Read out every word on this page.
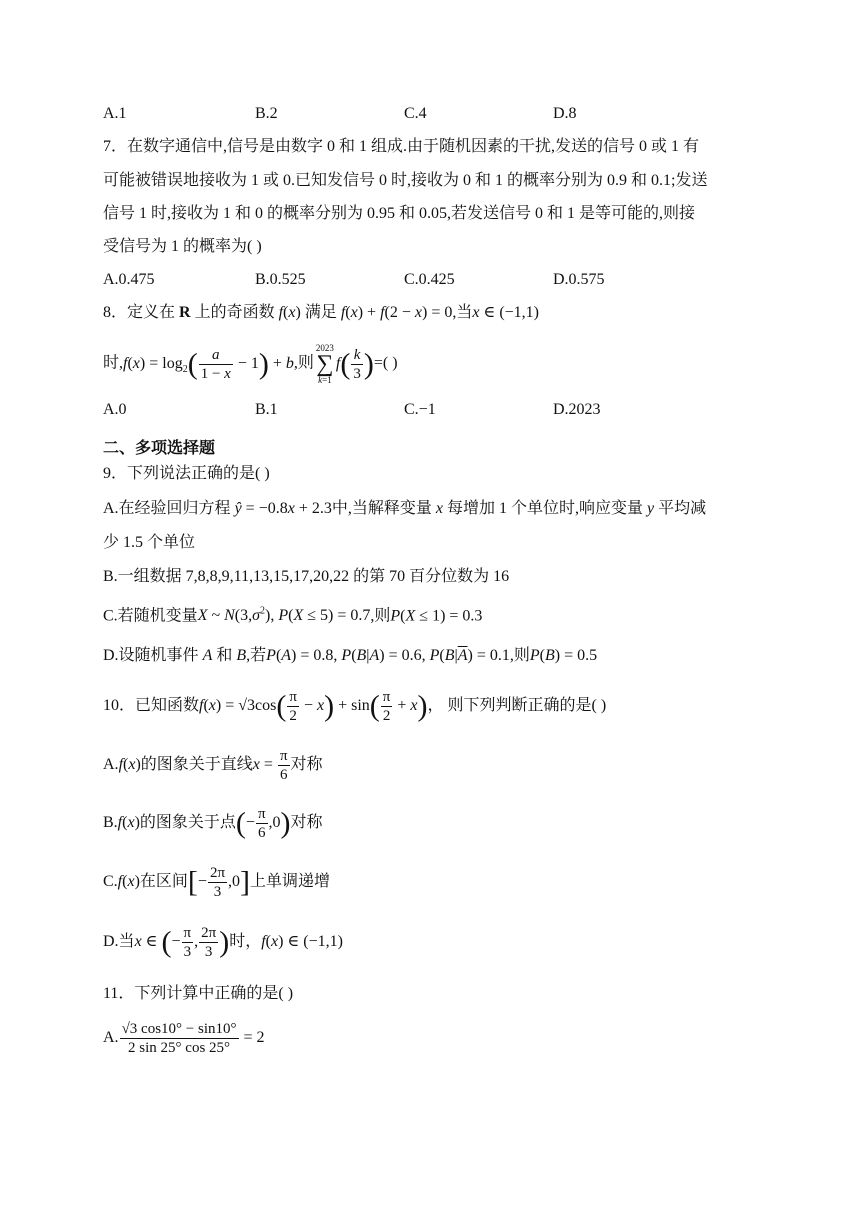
A.1	B.2	C.4	D.8
7．在数字通信中,信号是由数字 0 和 1 组成.由于随机因素的干扰,发送的信号 0 或 1 有
可能被错误地接收为 1 或 0.已知发信号 0 时,接收为 0 和 1 的概率分别为 0.9 和 0.1;发送
信号 1 时,接收为 1 和 0 的概率分别为 0.95 和 0.05,若发送信号 0 和 1 是等可能的,则接
受信号为 1 的概率为( )
A.0.475	B.0.525	C.0.425	D.0.575
8．定义在 R 上的奇函数 f(x) 满足 f(x) + f(2 − x) = 0,当x ∈ (−1,1)
时$,f(x) = \log_2( \frac{a}{1 - x} - 1) + b$,则
2023
∑
k=1
$f( \frac{k}{3}$ )=( )
A.0	B.1	C.−1	D.2023
二、多项选择题
9．下列说法正确的是( )
A.在经验回归方程 ŷ = −0.8x + 2.3中,当解释变量 x 每增加 1 个单位时,响应变量 y 平均减
少 1.5 个单位
B.一组数据 7,8,8,9,11,13,15,17,20,22 的第 70 百分位数为 16
C.若随机变量X ~ $N(3,\sigma^2)$, P(X ≤ 5) = 0.7,则P(X ≤ 1) = 0.3
D.设随机事件 A 和 B,若P(A) = 0.8, P(B|A) = 0.6, $P(B|\overline{A}) = 0.1$,则P(B) = 0.5
10．已知函数$f(x) = √3\cos( \frac{\pi}{2} - x) + \sin( \frac{\pi}{2} + x)$， 则下列判断正确的是( )
A.f(x)的图象关于直线$x = \frac{\pi}{6}$ 对称
B.f(x)的图象关于点(− $\frac{\pi}{6} ,0$)对称
C.f(x)在区间[− $\frac{2\pi}{3} ,0$]上单调递增
D.当x ∈ (− $\frac{\pi}{3}$ , $\frac{2\pi}{3}$ )时，f(x) ∈ (−1,1)
11．下列计算中正确的是( )
A. $\frac{√3 \cos 10^\circ - \sin 10^\circ}{2 \sin 25^\circ \cos 25^\circ} = 2$
